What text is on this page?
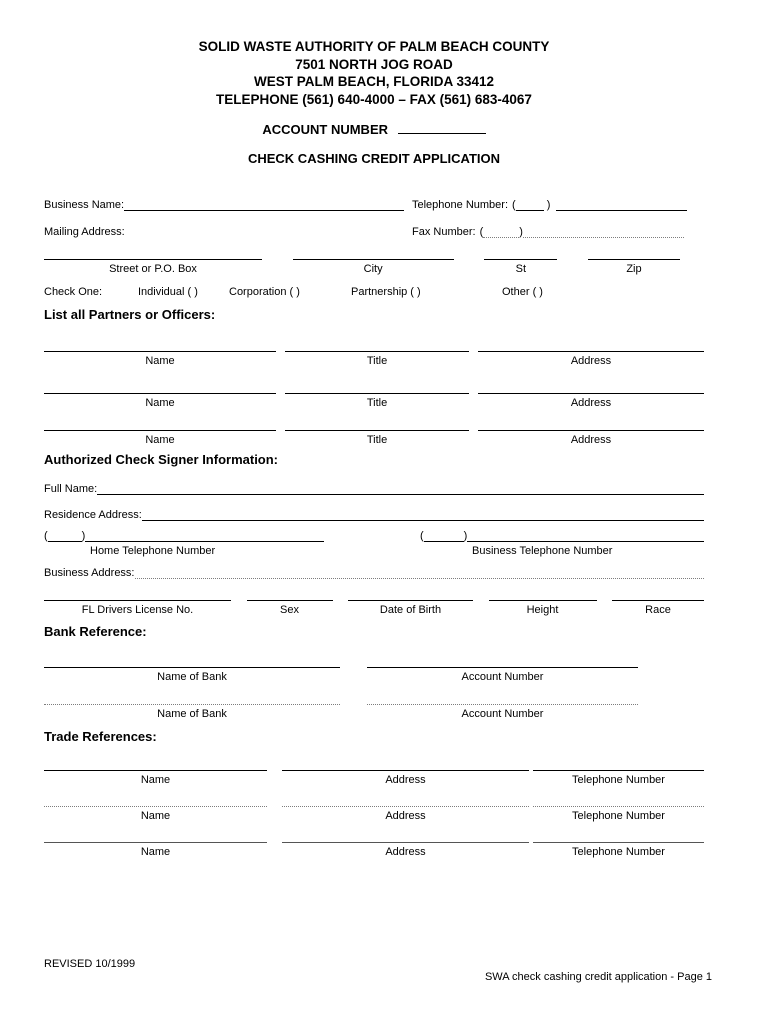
SOLID WASTE AUTHORITY OF PALM BEACH COUNTY
7501 NORTH JOG ROAD
WEST PALM BEACH, FLORIDA 33412
TELEPHONE (561) 640-4000 – FAX (561) 683-4067
ACCOUNT NUMBER
CHECK CASHING CREDIT APPLICATION
Business Name:	Telephone Number: (	)
Mailing Address:	Fax Number: (	)
Street or P.O. Box	City	St	Zip
Check One:	Individual ( )	Corporation ( )	Partnership ( )	Other ( )
List all Partners or Officers:
Name	Title	Address
Name	Title	Address
Name	Title	Address
Authorized Check Signer Information:
Full Name:
Residence Address:
(	)
Home Telephone Number
(	)
Business Telephone Number
Business Address:
FL Drivers License No.	Sex	Date of Birth	Height	Race
Bank Reference:
Name of Bank	Account Number
Name of Bank	Account Number
Trade References:
Name	Address	Telephone Number
Name	Address	Telephone Number
Name	Address	Telephone Number
REVISED 10/1999
SWA check cashing credit application - Page 1
